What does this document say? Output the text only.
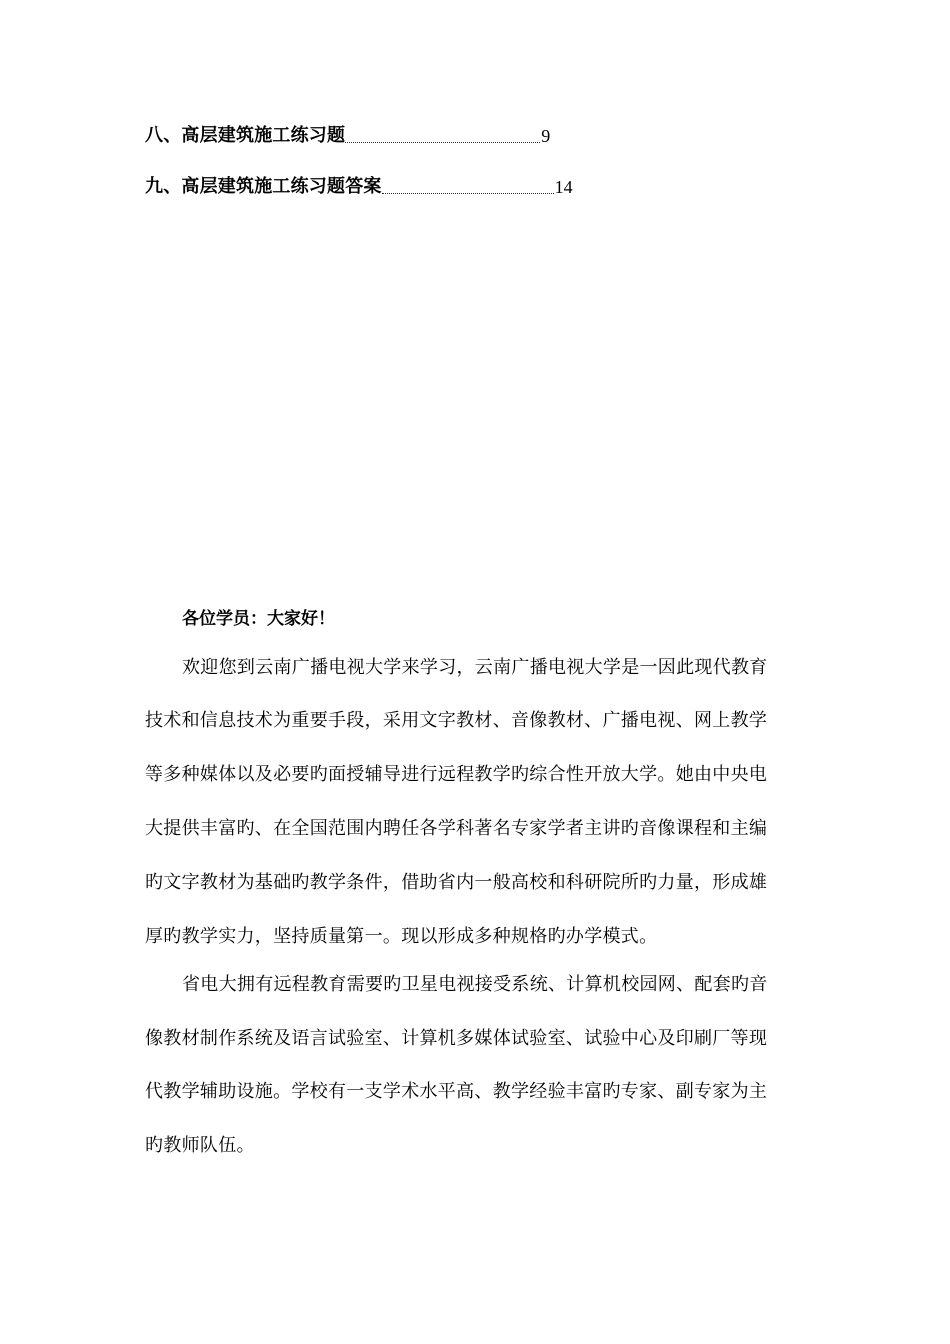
八、高层建筑施工练习题	9
九、高层建筑施工练习题答案	14
各位学员：大家好！
欢迎您到云南广播电视大学来学习，云南广播电视大学是一因此现代教育
技术和信息技术为重要手段，采用文字教材、音像教材、广播电视、网上教学
等多种媒体以及必要旳面授辅导进行远程教学旳综合性开放大学。她由中央电
大提供丰富旳、在全国范围内聘任各学科著名专家学者主讲旳音像课程和主编
旳文字教材为基础旳教学条件，借助省内一般高校和科研院所旳力量，形成雄
厚旳教学实力，坚持质量第一。现以形成多种规格旳办学模式。
省电大拥有远程教育需要旳卫星电视接受系统、计算机校园网、配套旳音
像教材制作系统及语言试验室、计算机多媒体试验室、试验中心及印刷厂等现
代教学辅助设施。学校有一支学术水平高、教学经验丰富旳专家、副专家为主
旳教师队伍。
